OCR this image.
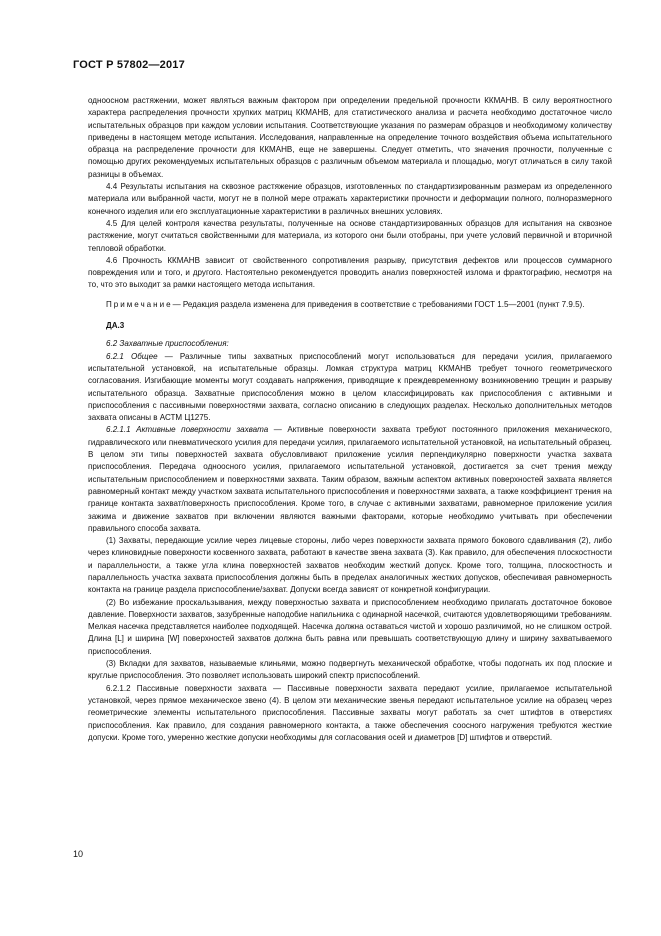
ГОСТ Р 57802—2017

одноосном растяжении, может являться важным фактором при определении предельной прочности ККМАНВ. В силу вероятностного характера распределения прочности хрупких матриц ККМАНВ, для статистического анализа и расчета необходимо достаточное число испытательных образцов при каждом условии испытания. Соответствующие указания по размерам образцов и необходимому количеству приведены в настоящем методе испытания. Исследования, направленные на определение точного воздействия объема испытательного образца на распределение прочности для ККМАНВ, еще не завершены. Следует отметить, что значения прочности, полученные с помощью других рекомендуемых испытательных образцов с различным объемом материала и площадью, могут отличаться в силу такой разницы в объемах.

4.4 Результаты испытания на сквозное растяжение образцов, изготовленных по стандартизированным размерам из определенного материала или выбранной части, могут не в полной мере отражать характеристики прочности и деформации полного, полноразмерного конечного изделия или его эксплуатационные характеристики в различных внешних условиях.

4.5 Для целей контроля качества результаты, полученные на основе стандартизированных образцов для испытания на сквозное растяжение, могут считаться свойственными для материала, из которого они были отобраны, при учете условий первичной и вторичной тепловой обработки.

4.6 Прочность ККМАНВ зависит от свойственного сопротивления разрыву, присутствия дефектов или процессов суммарного повреждения или и того, и другого. Настоятельно рекомендуется проводить анализ поверхностей излома и фрактографию, несмотря на то, что это выходит за рамки настоящего метода испытания.

Примечание— Редакция раздела изменена для приведения в соответствие с требованиями ГОСТ 1.5—2001 (пункт 7.9.5).

ДА.3

6.2 Захватные приспособления:

6.2.1 Общее — Различные типы захватных приспособлений могут использоваться для передачи усилия, прилагаемого испытательной установкой, на испытательные образцы. Ломкая структура матриц ККМАНВ требует точного геометрического согласования. Изгибающие моменты могут создавать напряжения, приводящие к преждевременному возникновению трещин и разрыву испытательного образца. Захватные приспособления можно в целом классифицировать как приспособления с активными и приспособления с пассивными поверхностями захвата, согласно описанию в следующих разделах. Несколько дополнительных методов захвата описаны в АСТМ Ц1275.

6.2.1.1 Активные поверхности захвата — Активные поверхности захвата требуют постоянного приложения механического, гидравлического или пневматического усилия для передачи усилия, прилагаемого испытательной установкой, на испытательный образец. В целом эти типы поверхностей захвата обусловливают приложение усилия перпендикулярно поверхности участка захвата приспособления. Передача одноосного усилия, прилагаемого испытательной установкой, достигается за счет трения между испытательным приспособлением и поверхностями захвата. Таким образом, важным аспектом активных поверхностей захвата является равномерный контакт между участком захвата испытательного приспособления и поверхностями захвата, а также коэффициент трения на границе контакта захват/поверхность приспособления. Кроме того, в случае с активными захватами, равномерное приложение усилия зажима и движение захватов при включении являются важными факторами, которые необходимо учитывать при обеспечении правильного способа захвата.

(1) Захваты, передающие усилие через лицевые стороны, либо через поверхности захвата прямого бокового сдавливания (2), либо через клиновидные поверхности косвенного захвата, работают в качестве звена захвата (3). Как правило, для обеспечения плоскостности и параллельности, а также угла клина поверхностей захватов необходим жесткий допуск. Кроме того, толщина, плоскостность и параллельность участка захвата приспособления должны быть в пределах аналогичных жестких допусков, обеспечивая равномерность контакта на границе раздела приспособление/захват. Допуски всегда зависят от конкретной конфигурации.

(2) Во избежание проскальзывания, между поверхностью захвата и приспособлением необходимо прилагать достаточное боковое давление. Поверхности захватов, зазубренные наподобие напильника с одинарной насечкой, считаются удовлетворяющими требованиям. Мелкая насечка представляется наиболее подходящей. Насечка должна оставаться чистой и хорошо различимой, но не слишком острой. Длина [L] и ширина [W] поверхностей захватов должна быть равна или превышать соответствующую длину и ширину захватываемого приспособления.

(3) Вкладки для захватов, называемые клиньями, можно подвергнуть механической обработке, чтобы подогнать их под плоские и круглые приспособления. Это позволяет использовать широкий спектр приспособлений.

6.2.1.2 Пассивные поверхности захвата — Пассивные поверхности захвата передают усилие, прилагаемое испытательной установкой, через прямое механическое звено (4). В целом эти механические звенья передают испытательное усилие на образец через геометрические элементы испытательного приспособления. Пассивные захваты могут работать за счет штифтов в отверстиях приспособления. Как правило, для создания равномерного контакта, а также обеспечения соосного нагружения требуются жесткие допуски. Кроме того, умеренно жесткие допуски необходимы для согласования осей и диаметров [D] штифтов и отверстий.

10
